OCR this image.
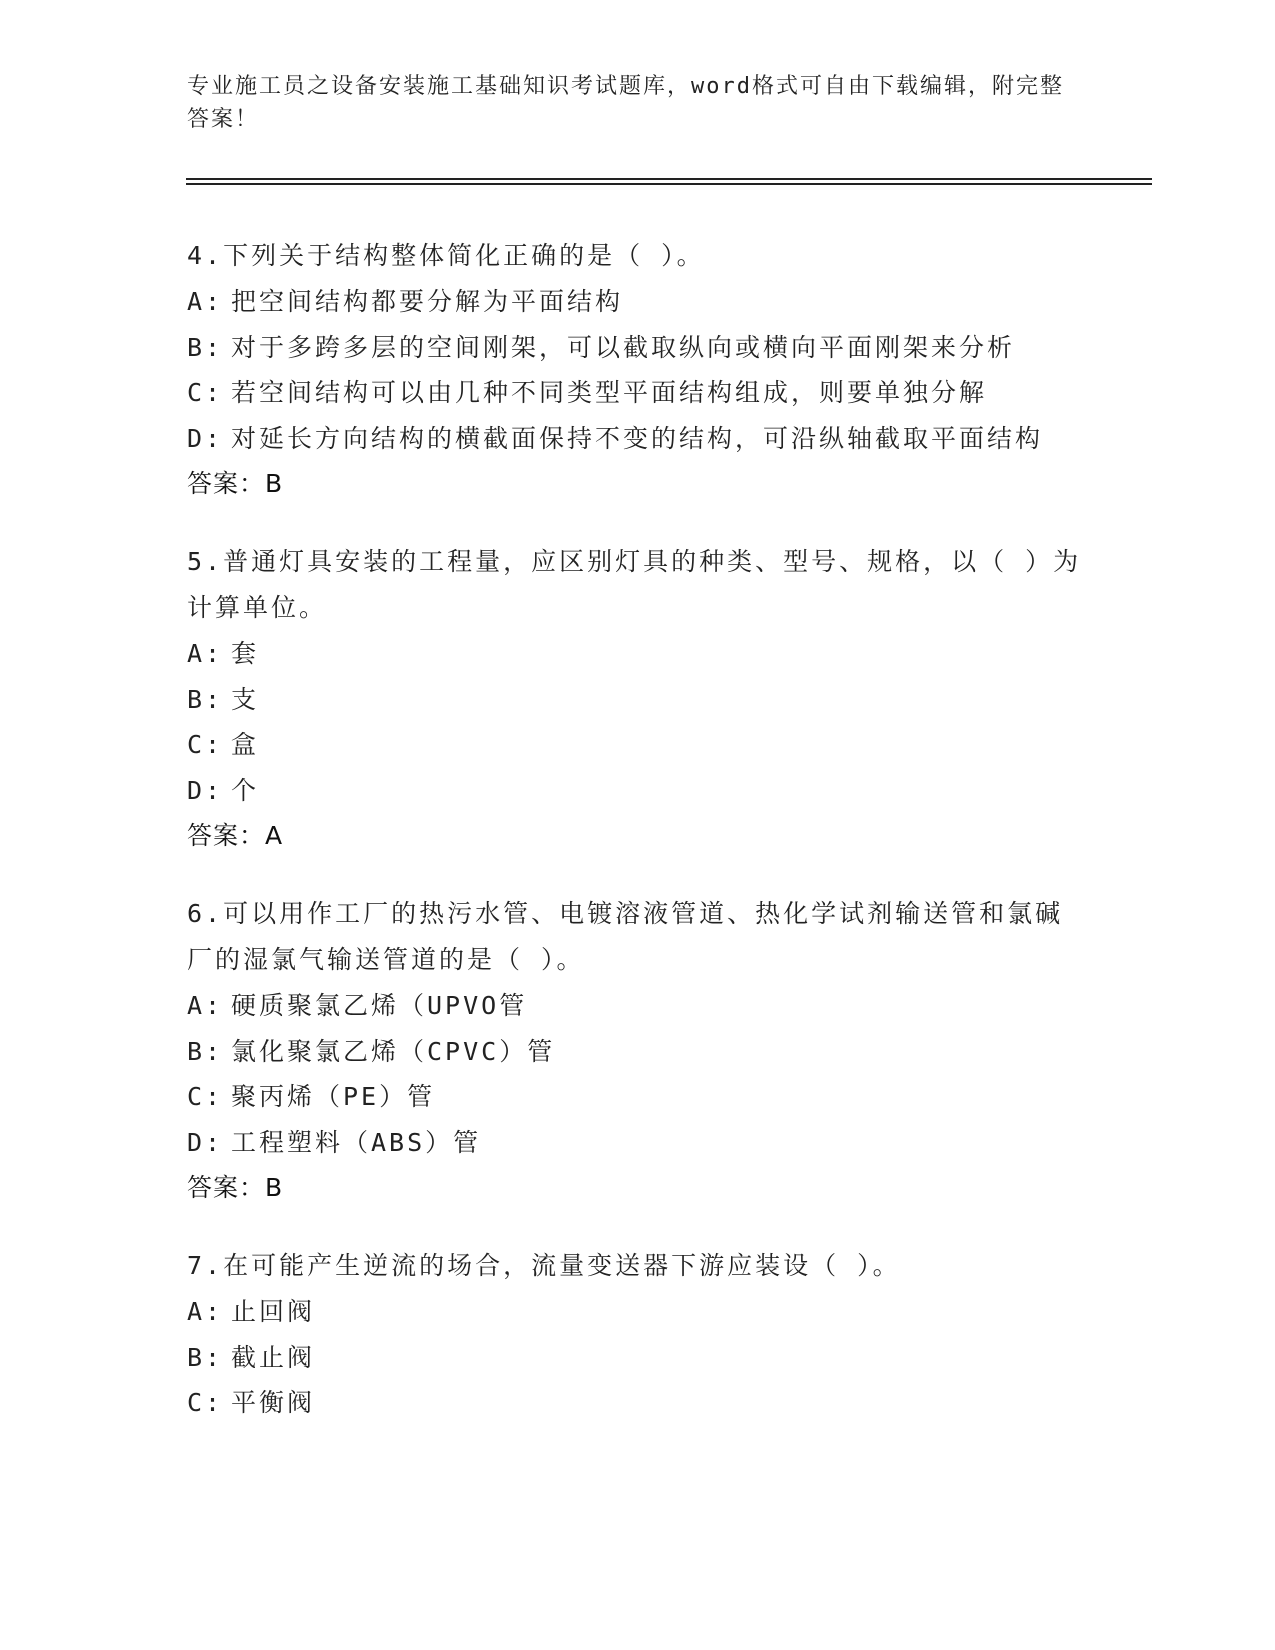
专业施工员之设备安装施工基础知识考试题库，word格式可自由下载编辑，附完整答案！
4.下列关于结构整体简化正确的是（ ）。
A: 把空间结构都要分解为平面结构
B: 对于多跨多层的空间刚架，可以截取纵向或横向平面刚架来分析
C: 若空间结构可以由几种不同类型平面结构组成，则要单独分解
D: 对延长方向结构的横截面保持不变的结构，可沿纵轴截取平面结构
答案：B
5.普通灯具安装的工程量，应区别灯具的种类、型号、规格，以（ ）为计算单位。
A: 套
B: 支
C: 盒
D: 个
答案：A
6.可以用作工厂的热污水管、电镀溶液管道、热化学试剂输送管和氯碱厂的湿氯气输送管道的是（ ）。
A: 硬质聚氯乙烯（UPVO管
B: 氯化聚氯乙烯（CPVC）管
C: 聚丙烯（PE）管
D: 工程塑料（ABS）管
答案：B
7.在可能产生逆流的场合，流量变送器下游应装设（ ）。
A: 止回阀
B: 截止阀
C: 平衡阀
